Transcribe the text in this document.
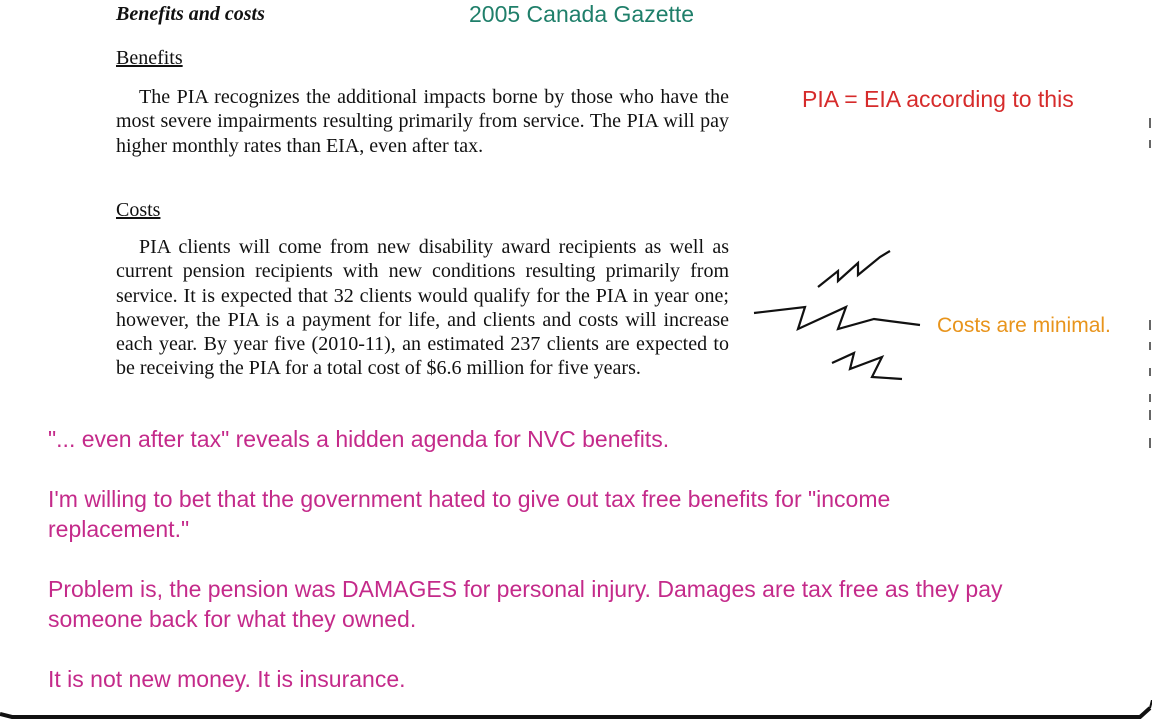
Benefits and costs	2005 Canada Gazette
Benefits

The PIA recognizes the additional impacts borne by those who have the most severe impairments resulting primarily from service. The PIA will pay higher monthly rates than EIA, even after tax.

Costs

PIA clients will come from new disability award recipients as well as current pension recipients with new conditions resulting primarily from service. It is expected that 32 clients would qualify for the PIA in year one; however, the PIA is a payment for life, and clients and costs will increase each year. By year five (2010-11), an estimated 237 clients are expected to be receiving the PIA for a total cost of $6.6 million for five years.

PIA = EIA according to this
Costs are minimal.
"... even after tax" reveals a hidden agenda for NVC benefits.
I'm willing to bet that the government hated to give out tax free benefits for "income replacement."
Problem is, the pension was DAMAGES for personal injury. Damages are tax free as they pay someone back for what they owned.
It is not new money. It is insurance.
